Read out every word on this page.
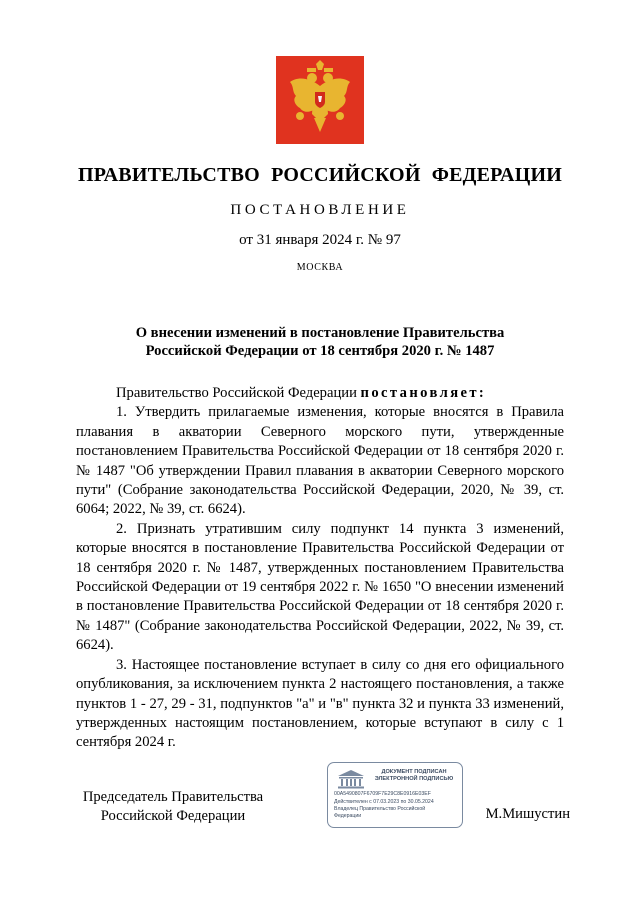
ПРАВИТЕЛЬСТВО РОССИЙСКОЙ ФЕДЕРАЦИИ
ПОСТАНОВЛЕНИЕ
от 31 января 2024 г. № 97
МОСКВА
О внесении изменений в постановление Правительства
Российской Федерации от 18 сентября 2020 г. № 1487

Правительство Российской Федерации постановляет:

1. Утвердить прилагаемые изменения, которые вносятся в Правила плавания в акватории Северного морского пути, утвержденные постановлением Правительства Российской Федерации от 18 сентября 2020 г. № 1487 "Об утверждении Правил плавания в акватории Северного морского пути" (Собрание законодательства Российской Федерации, 2020, № 39, ст. 6064; 2022, № 39, ст. 6624).

2. Признать утратившим силу подпункт 14 пункта 3 изменений, которые вносятся в постановление Правительства Российской Федерации от 18 сентября 2020 г. № 1487, утвержденных постановлением Правительства Российской Федерации от 19 сентября 2022 г. № 1650 "О внесении изменений в постановление Правительства Российской Федерации от 18 сентября 2020 г. № 1487" (Собрание законодательства Российской Федерации, 2022, № 39, ст. 6624).

3. Настоящее постановление вступает в силу со дня его официального опубликования, за исключением пункта 2 настоящего постановления, а также пунктов 1 - 27, 29 - 31, подпунктов "а" и "в" пункта 32 и пункта 33 изменений, утвержденных настоящим постановлением, которые вступают в силу с 1 сентября 2024 г.

Председатель Правительства
Российской Федерации
ДОКУМЕНТ ПОДПИСАН
ЭЛЕКТРОННОЙ ПОДПИСЬЮ
00A5490807F6709F7E29C8E0916E03EF
Действителен с 07.03.2023 по 30.05.2024
Владелец Правительство Российской
Федерации	М.Мишустин
